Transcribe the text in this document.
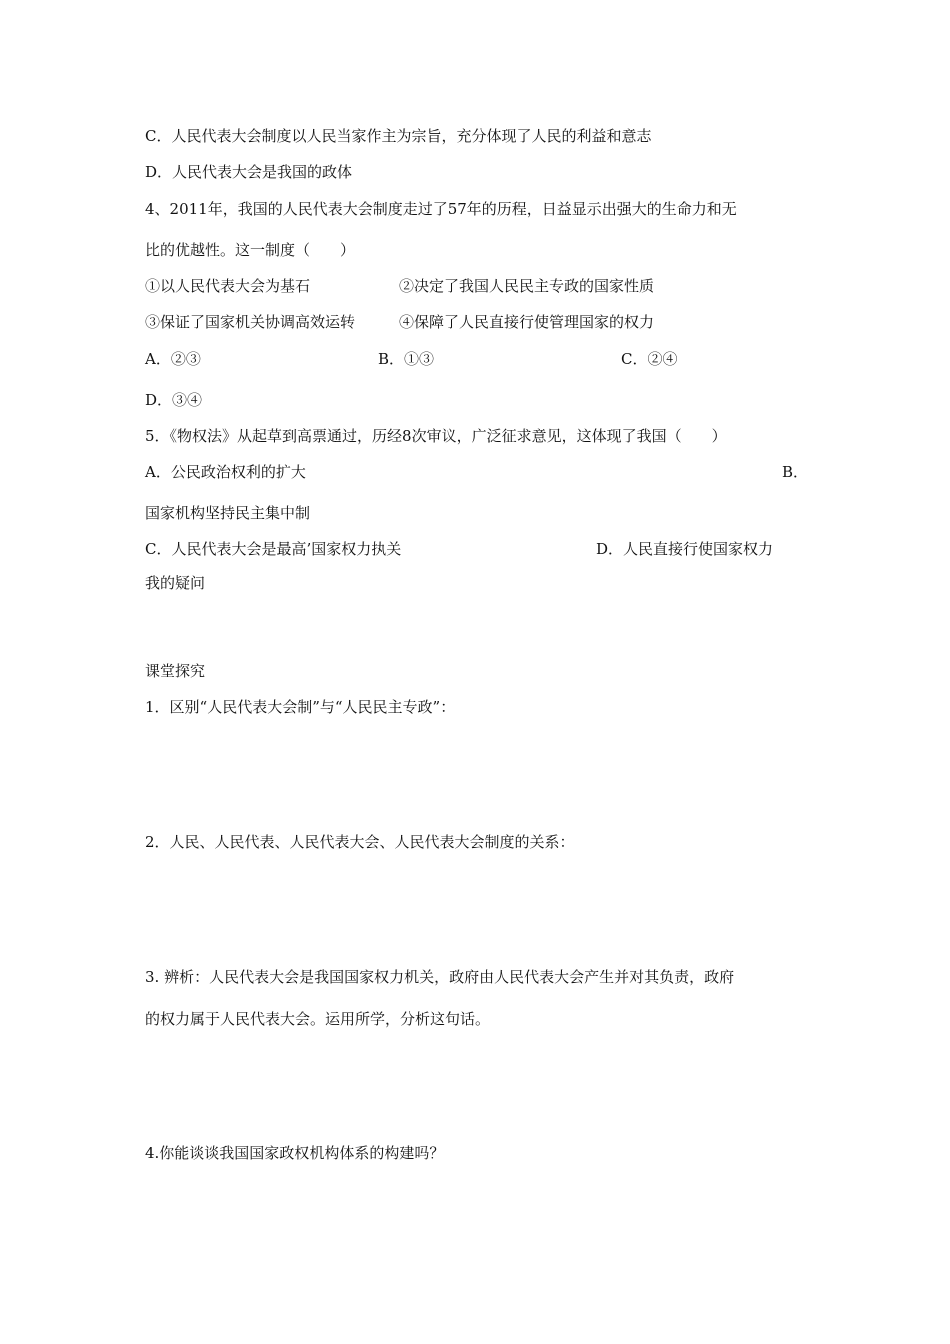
C．人民代表大会制度以人民当家作主为宗旨，充分体现了人民的利益和意志
D．人民代表大会是我国的政体
4、2011年，我国的人民代表大会制度走过了57年的历程，日益显示出强大的生命力和无
比的优越性。这一制度（　　）
①以人民代表大会为基石	②决定了我国人民民主专政的国家性质
③保证了国家机关协调高效运转	④保障了人民直接行使管理国家的权力
A．②③	B．①③	C．②④
D．③④
5．《物权法》从起草到高票通过，历经8次审议，广泛征求意见，这体现了我国（　　）
A．公民政治权利的扩大	B．
国家机构坚持民主集中制
C．人民代表大会是最高’国家权力执关	D．人民直接行使国家权力
我的疑问
课堂探究
1．区别“人民代表大会制”与“人民民主专政”：
2．人民、人民代表、人民代表大会、人民代表大会制度的关系：
3. 辨析：人民代表大会是我国国家权力机关，政府由人民代表大会产生并对其负责，政府
的权力属于人民代表大会。运用所学，分析这句话。
4.你能谈谈我国国家政权机构体系的构建吗？
